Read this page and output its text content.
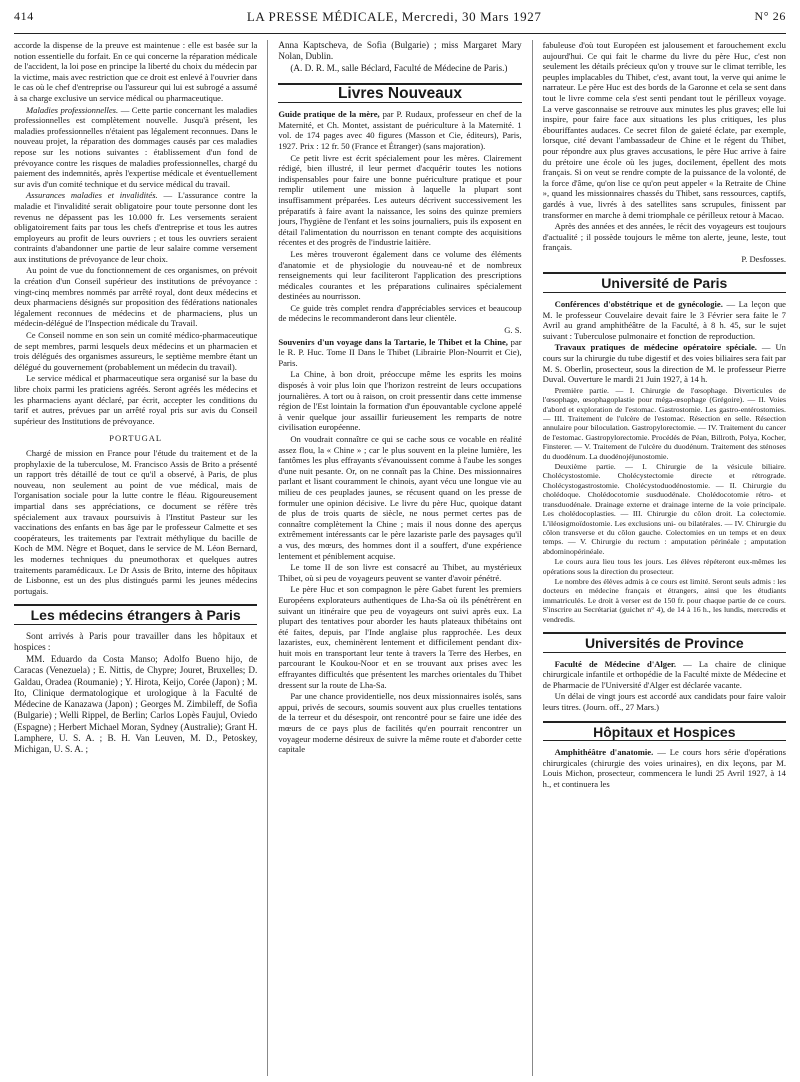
414	LA PRESSE MÉDICALE, Mercredi, 30 Mars 1927	N° 26

accorde la dispense de la preuve est maintenue : elle est basée sur la notion essentielle du forfait. En ce qui concerne la réparation médicale de l'accident, la loi pose en principe la liberté du choix du médecin par la victime, mais avec restriction que ce droit est enlevé à l'ouvrier dans le cas où le chef d'entreprise ou l'assureur qui lui est subrogé a assumé à sa charge exclusive un service médical ou pharmaceutique.

Maladies professionnelles. — Cette partie concernant les maladies professionnelles est complètement nouvelle. Jusqu'à présent, les maladies professionnelles n'étaient pas légalement reconnues. Dans le nouveau projet, la réparation des dommages causés par ces maladies repose sur les notions suivantes : établissement d'un fond de prévoyance contre les risques de maladies professionnelles, chargé du paiement des indemnités, après l'expertise médicale et éventuellement sur avis d'un comité technique et du service médical du travail.

Assurances maladies et invalidités. — L'assurance contre la maladie et l'invalidité serait obligatoire pour toute personne dont les revenus ne dépassent pas les 10.000 fr. Les versements seraient obligatoirement faits par tous les chefs d'entreprise et tous les autres employeurs au profit de leurs ouvriers ; et tous les ouvriers seraient contraints d'abandonner une partie de leur salaire comme versement aux institutions de prévoyance de leur choix.

Au point de vue du fonctionnement de ces organismes, on prévoit la création d'un Conseil supérieur des institutions de prévoyance : vingt-cinq membres nommés par arrêté royal, dont deux médecins et deux pharmaciens désignés sur proposition des fédérations nationales légalement reconnues de médecins et de pharmaciens, plus un médecin-délégué de l'Inspection médicale du Travail.

Ce Conseil nomme en son sein un comité médico-pharmaceutique de sept membres, parmi lesquels deux médecins et un pharmacien et trois délégués des organismes assureurs, le septième membre étant un délégué du gouvernement (probablement un médecin du travail).

Le service médical et pharmaceutique sera organisé sur la base du libre choix parmi les praticiens agréés. Seront agréés les médecins et les pharmaciens ayant déclaré, par écrit, accepter les conditions du tarif et autres, prévues par un arrêté royal pris sur avis du Conseil supérieur des Institutions de prévoyance.

PORTUGAL

Chargé de mission en France pour l'étude du traitement et de la prophylaxie de la tuberculose, M. Francisco Assis de Brito a présenté un rapport très détaillé de tout ce qu'il a observé, à Paris, de plus nouveau, non seulement au point de vue médical, mais de l'organisation sociale pour la lutte contre le fléau. Rigoureusement impartial dans ses appréciations, ce document se réfère très spécialement aux travaux poursuivis à l'Institut Pasteur sur les vaccinations des enfants en bas âge par le professeur Calmette et ses coopérateurs, les traitements par l'extrait méthylique du bacille de Koch de MM. Nègre et Boquet, dans le service de M. Léon Bernard, les modernes techniques du pneumothorax et quelques autres traitements paramédicaux. Le Dr Assis de Brito, interne des hôpitaux de Lisbonne, est un des plus distingués parmi les jeunes médecins portugais.

Les médecins étrangers à Paris

Sont arrivés à Paris pour travailler dans les hôpitaux et hospices :

MM. Eduardo da Costa Manso; Adolfo Bueno hijo, de Caracas (Venezuela) ; E. Nittis, de Chypre; Jouret, Bruxelles; D. Galdau, Oradea (Roumanie) ; Y. Hirota, Keijo, Corée (Japon) ; M. Ito, Clinique dermatologique et urologique à la Faculté de Médecine de Kanazawa (Japon) ; Georges M. Zimbileff, de Sofia (Bulgarie) ; Welli Rippel, de Berlin; Carlos Lopès Faujul, Oviedo (Espagne) ; Herbert Michael Moran, Sydney (Australie); Grant H. Lamphere, U. S. A. ; B. H. Van Leuven, M. D., Petoskey, Michigan, U. S. A. ;

Anna Kaptscheva, de Sofia (Bulgarie) ; miss Margaret Mary Nolan, Dublin.

(A. D. R. M., salle Béclard, Faculté de Médecine de Paris.)

Livres Nouveaux

Guide pratique de la mère, par P. Rudaux, professeur en chef de la Maternité, et Ch. Montet, assistant de puériculture à la Maternité. 1 vol. de 174 pages avec 40 figures (Masson et Cie, éditeurs), Paris, 1927. Prix : 12 fr. 50 (France et Étranger) (sans majoration).

Ce petit livre est écrit spécialement pour les mères. Clairement rédigé, bien illustré, il leur permet d'acquérir toutes les notions indispensables pour faire une bonne puériculture pratique et pour remplir utilement une mission à laquelle la plupart sont insuffisamment préparées. Les auteurs décrivent successivement les préparatifs à faire avant la naissance, les soins des quinze premiers jours, l'hygiène de l'enfant et les soins journaliers, puis ils exposent en détail l'alimentation du nourrisson en tenant compte des acquisitions récentes et des progrès de l'industrie laitière.

Les mères trouveront également dans ce volume des éléments d'anatomie et de physiologie du nouveau-né et de nombreux renseignements qui leur faciliteront l'application des prescriptions médicales courantes et les préparations culinaires spécialement destinées au nourrisson.

Ce guide très complet rendra d'appréciables services et beaucoup de médecins le recommanderont dans leur clientèle.

G. S.

Souvenirs d'un voyage dans la Tartarie, le Thibet et la Chine, par le R. P. Huc. Tome II Dans le Thibet (Librairie Plon-Nourrit et Cie), Paris.

La Chine, à bon droit, préoccupe même les esprits les moins disposés à voir plus loin que l'horizon restreint de leurs occupations journalières. A tort ou à raison, on croit pressentir dans cette immense région de l'Est lointain la formation d'un épouvantable cyclone appelé à venir quelque jour assaillir furieusement les remparts de notre civilisation européenne.

On voudrait connaître ce qui se cache sous ce vocable en réalité assez flou, la « Chine » ; car le plus souvent en la pleine lumière, les fantômes les plus effrayants s'évanouissent comme à l'aube les songes d'une nuit pesante. Or, on ne connaît pas la Chine. Des missionnaires parlant et lisant couramment le chinois, ayant vécu une longue vie au milieu de ces peuplades jaunes, se récusent quand on les presse de formuler une opinion décisive. Le livre du père Huc, quoique datant de plus de trois quarts de siècle, ne nous permet certes pas de connaître complètement la Chine ; mais il nous donne des aperçus extrêmement intéressants car le père lazariste parle des paysages qu'il a vus, des mœurs, des hommes dont il a souffert, d'une expérience lentement et péniblement acquise.

Le tome II de son livre est consacré au Thibet, au mystérieux Thibet, où si peu de voyageurs peuvent se vanter d'avoir pénétré.

Le père Huc et son compagnon le père Gabet furent les premiers Européens explorateurs authentiques de Lha-Sa où ils pénétrèrent en suivant un itinéraire que peu de voyageurs ont suivi après eux. La plupart des tentatives pour aborder les hauts plateaux thibétains ont été faites, depuis, par l'Inde anglaise plus rapprochée. Les deux lazaristes, eux, cheminèrent lentement et difficilement pendant dix-huit mois en transportant leur tente à travers la Terre des Herbes, en parcourant le Koukou-Noor et en se trouvant aux prises avec les effrayantes difficultés que présentent les marches orientales du Thibet dressent sur la route de Lha-Sa.

Par une chance providentielle, nos deux missionnaires isolés, sans appui, privés de secours, soumis souvent aux plus cruelles tentations de la terreur et du désespoir, ont rencontré pour se faire une idée des mœurs de ce pays plus de facilités qu'en pourrait rencontrer un voyageur moderne désireux de suivre la même route et d'aborder cette capitale

fabuleuse d'où tout Européen est jalousement et farouchement exclu aujourd'hui. Ce qui fait le charme du livre du père Huc, c'est non seulement les détails précieux qu'on y trouve sur le climat terrible, les peuples implacables du Thibet, c'est, avant tout, la verve qui anime le narrateur. Le père Huc est des bords de la Garonne et cela se sent dans tout le livre comme cela s'est senti pendant tout le périlleux voyage. La verve gasconnaise se retrouve aux minutes les plus graves; elle lui inspire, pour faire face aux situations les plus critiques, les plus ébouriffantes audaces. Ce secret filon de gaieté éclate, par exemple, lorsque, cité devant l'ambassadeur de Chine et le régent du Thibet, pour répondre aux plus graves accusations, le père Huc arrive à faire du prétoire une école où les juges, docilement, épellent des mots français. Si on veut se rendre compte de la puissance de la volonté, de la force d'âme, qu'on lise ce qu'on peut appeler « la Retraite de Chine », quand les missionnaires chassés du Thibet, sans ressources, captifs, gardés à vue, livrés à des satellites sans scrupules, finissent par transformer en marche à demi triomphale ce périlleux retour à Macao.

Après des années et des années, le récit des voyageurs est toujours d'actualité ; il possède toujours le même ton alerte, jeune, leste, tout français.

P. Desfosses.

Université de Paris

Conférences d'obstétrique et de gynécologie. — La leçon que M. le professeur Couvelaire devait faire le 3 Février sera faite le 7 Avril au grand amphithéâtre de la Faculté, à 8 h. 45, sur le sujet suivant : Tuberculose pulmonaire et fonction de reproduction.

Travaux pratiques de médecine opératoire spéciale. — Un cours sur la chirurgie du tube digestif et des voies biliaires sera fait par M. S. Oberlin, prosecteur, sous la direction de M. le professeur Pierre Duval. Ouverture le mardi 21 Juin 1927, à 14 h.

Première partie. — I. Chirurgie de l'œsophage. Diverticules de l'œsophage, œsophagoplastie pour méga-œsophage (Grégoire). — II. Voies d'abord et exploration de l'estomac. Gastrostomie. Les gastro-entérostomies. — III. Traitement de l'ulcère de l'estomac. Résection en selle. Résection annulaire pour biloculation. Gastropylorectomie. — IV. Traitement du cancer de l'estomac. Gastropylorectomie. Procédés de Péan, Billroth, Polya, Kocher, Finsterer. — V. Traitement de l'ulcère du duodénum. Traitement des sténoses du duodénum. La duodénojéjunostomie.

Deuxième partie. — I. Chirurgie de la vésicule biliaire. Cholécystostomie. Cholécystectomie directe et rétrograde. Cholécystogastrostomie. Cholécystoduodénostomie. — II. Chirurgie du cholédoque. Cholédocotomie susduodénale. Cholédocotomie rétro- et transduodénale. Drainage externe et drainage interne de la voie principale. Les cholédocoplasties. — III. Chirurgie du côlon droit. La colectomie. L'iléosigmoïdostomie. Les exclusions uni- ou bilatérales. — IV. Chirurgie du côlon transverse et du côlon gauche. Colectomies en un temps et en deux temps. — V. Chirurgie du rectum : amputation périnéale ; amputation abdominopérinéale.

Le cours aura lieu tous les jours. Les élèves répéteront eux-mêmes les opérations sous la direction du prosecteur.

Le nombre des élèves admis à ce cours est limité. Seront seuls admis : les docteurs en médecine français et étrangers, ainsi que les étudiants immatriculés. Le droit à verser est de 150 fr. pour chaque partie de ce cours. S'inscrire au Secrétariat (guichet n° 4), de 14 à 16 h., les lundis, mercredis et vendredis.

Universités de Province

Faculté de Médecine d'Alger. — La chaire de clinique chirurgicale infantile et orthopédie de la Faculté mixte de Médecine et de Pharmacie de l'Université d'Alger est déclarée vacante.

Un délai de vingt jours est accordé aux candidats pour faire valoir leurs titres. (Journ. off., 27 Mars.)

Hôpitaux et Hospices

Amphithéâtre d'anatomie. — Le cours hors série d'opérations chirurgicales (chirurgie des voies urinaires), en dix leçons, par M. Louis Michon, prosecteur, commencera le lundi 25 Avril 1927, à 14 h., et continuera les
